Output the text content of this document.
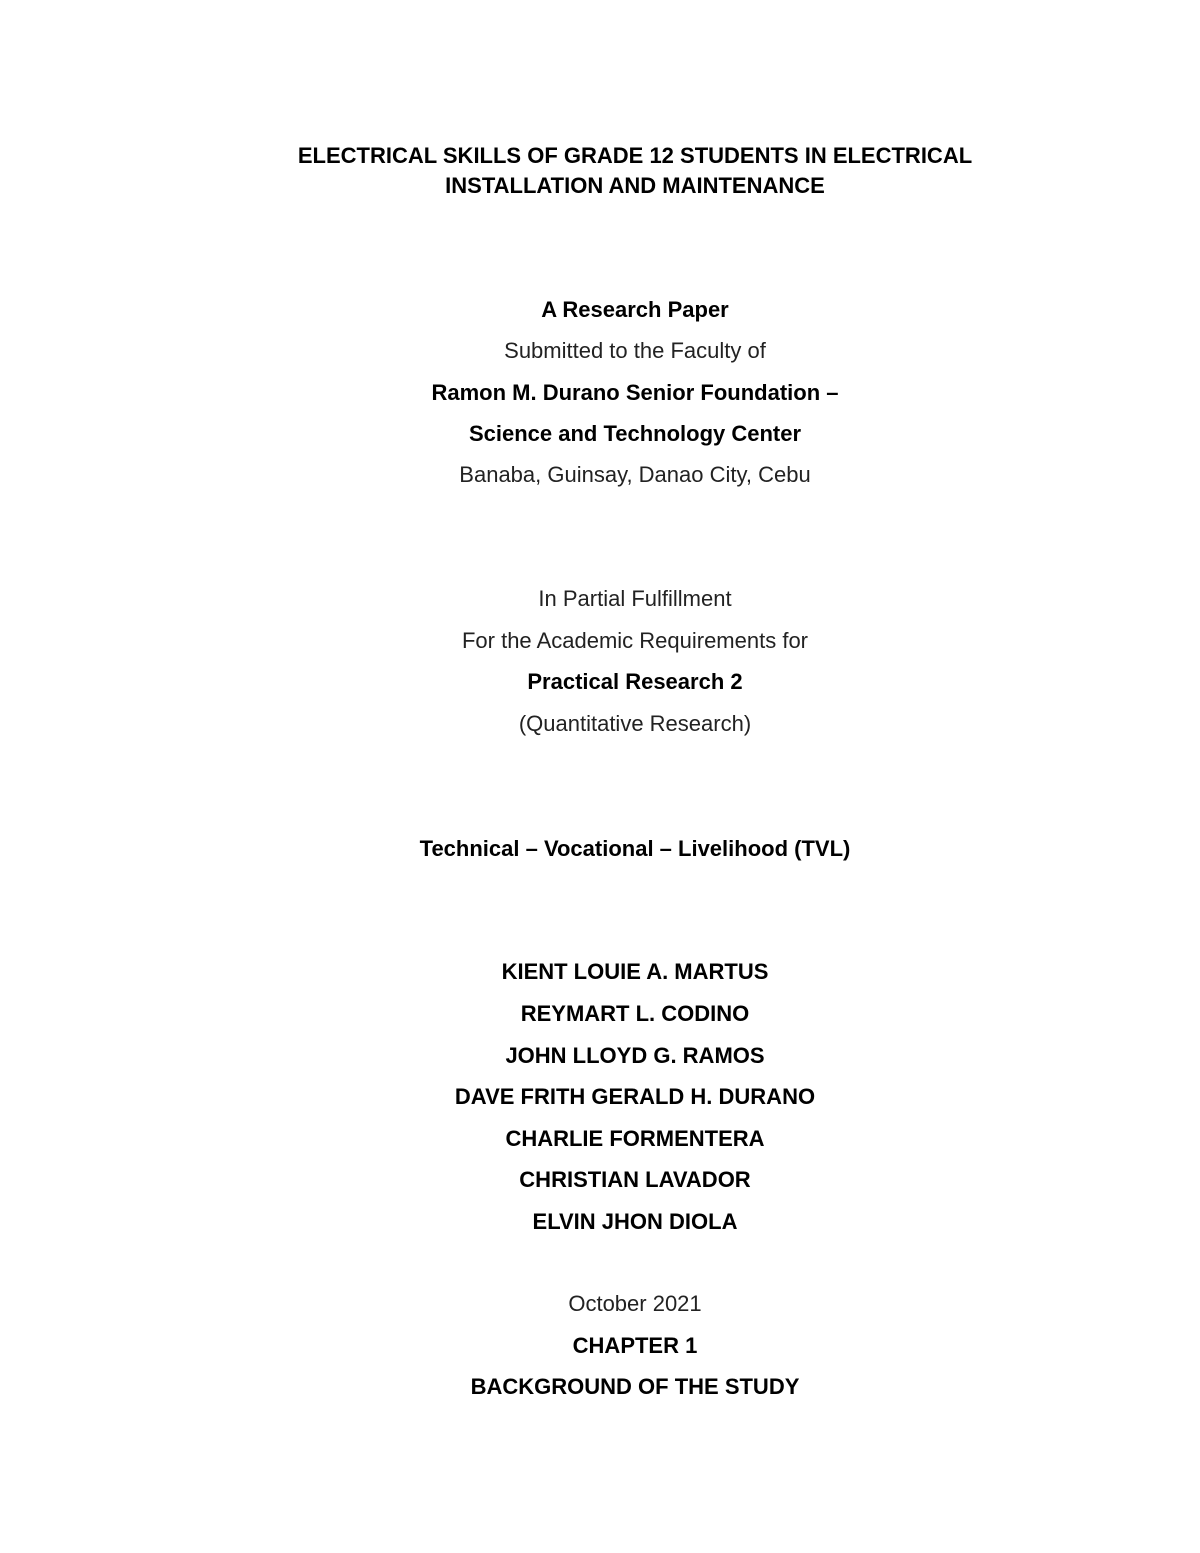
ELECTRICAL SKILLS OF GRADE 12 STUDENTS IN ELECTRICAL
INSTALLATION AND MAINTENANCE
A Research Paper
Submitted to the Faculty of
Ramon M. Durano Senior Foundation –
Science and Technology Center
Banaba, Guinsay, Danao City, Cebu
In Partial Fulfillment
For the Academic Requirements for
Practical Research 2
(Quantitative Research)
Technical – Vocational – Livelihood (TVL)
KIENT LOUIE A. MARTUS
REYMART L. CODINO
JOHN LLOYD G. RAMOS
DAVE FRITH GERALD H. DURANO
CHARLIE FORMENTERA
CHRISTIAN LAVADOR
ELVIN JHON DIOLA
October 2021
CHAPTER 1
BACKGROUND OF THE STUDY
